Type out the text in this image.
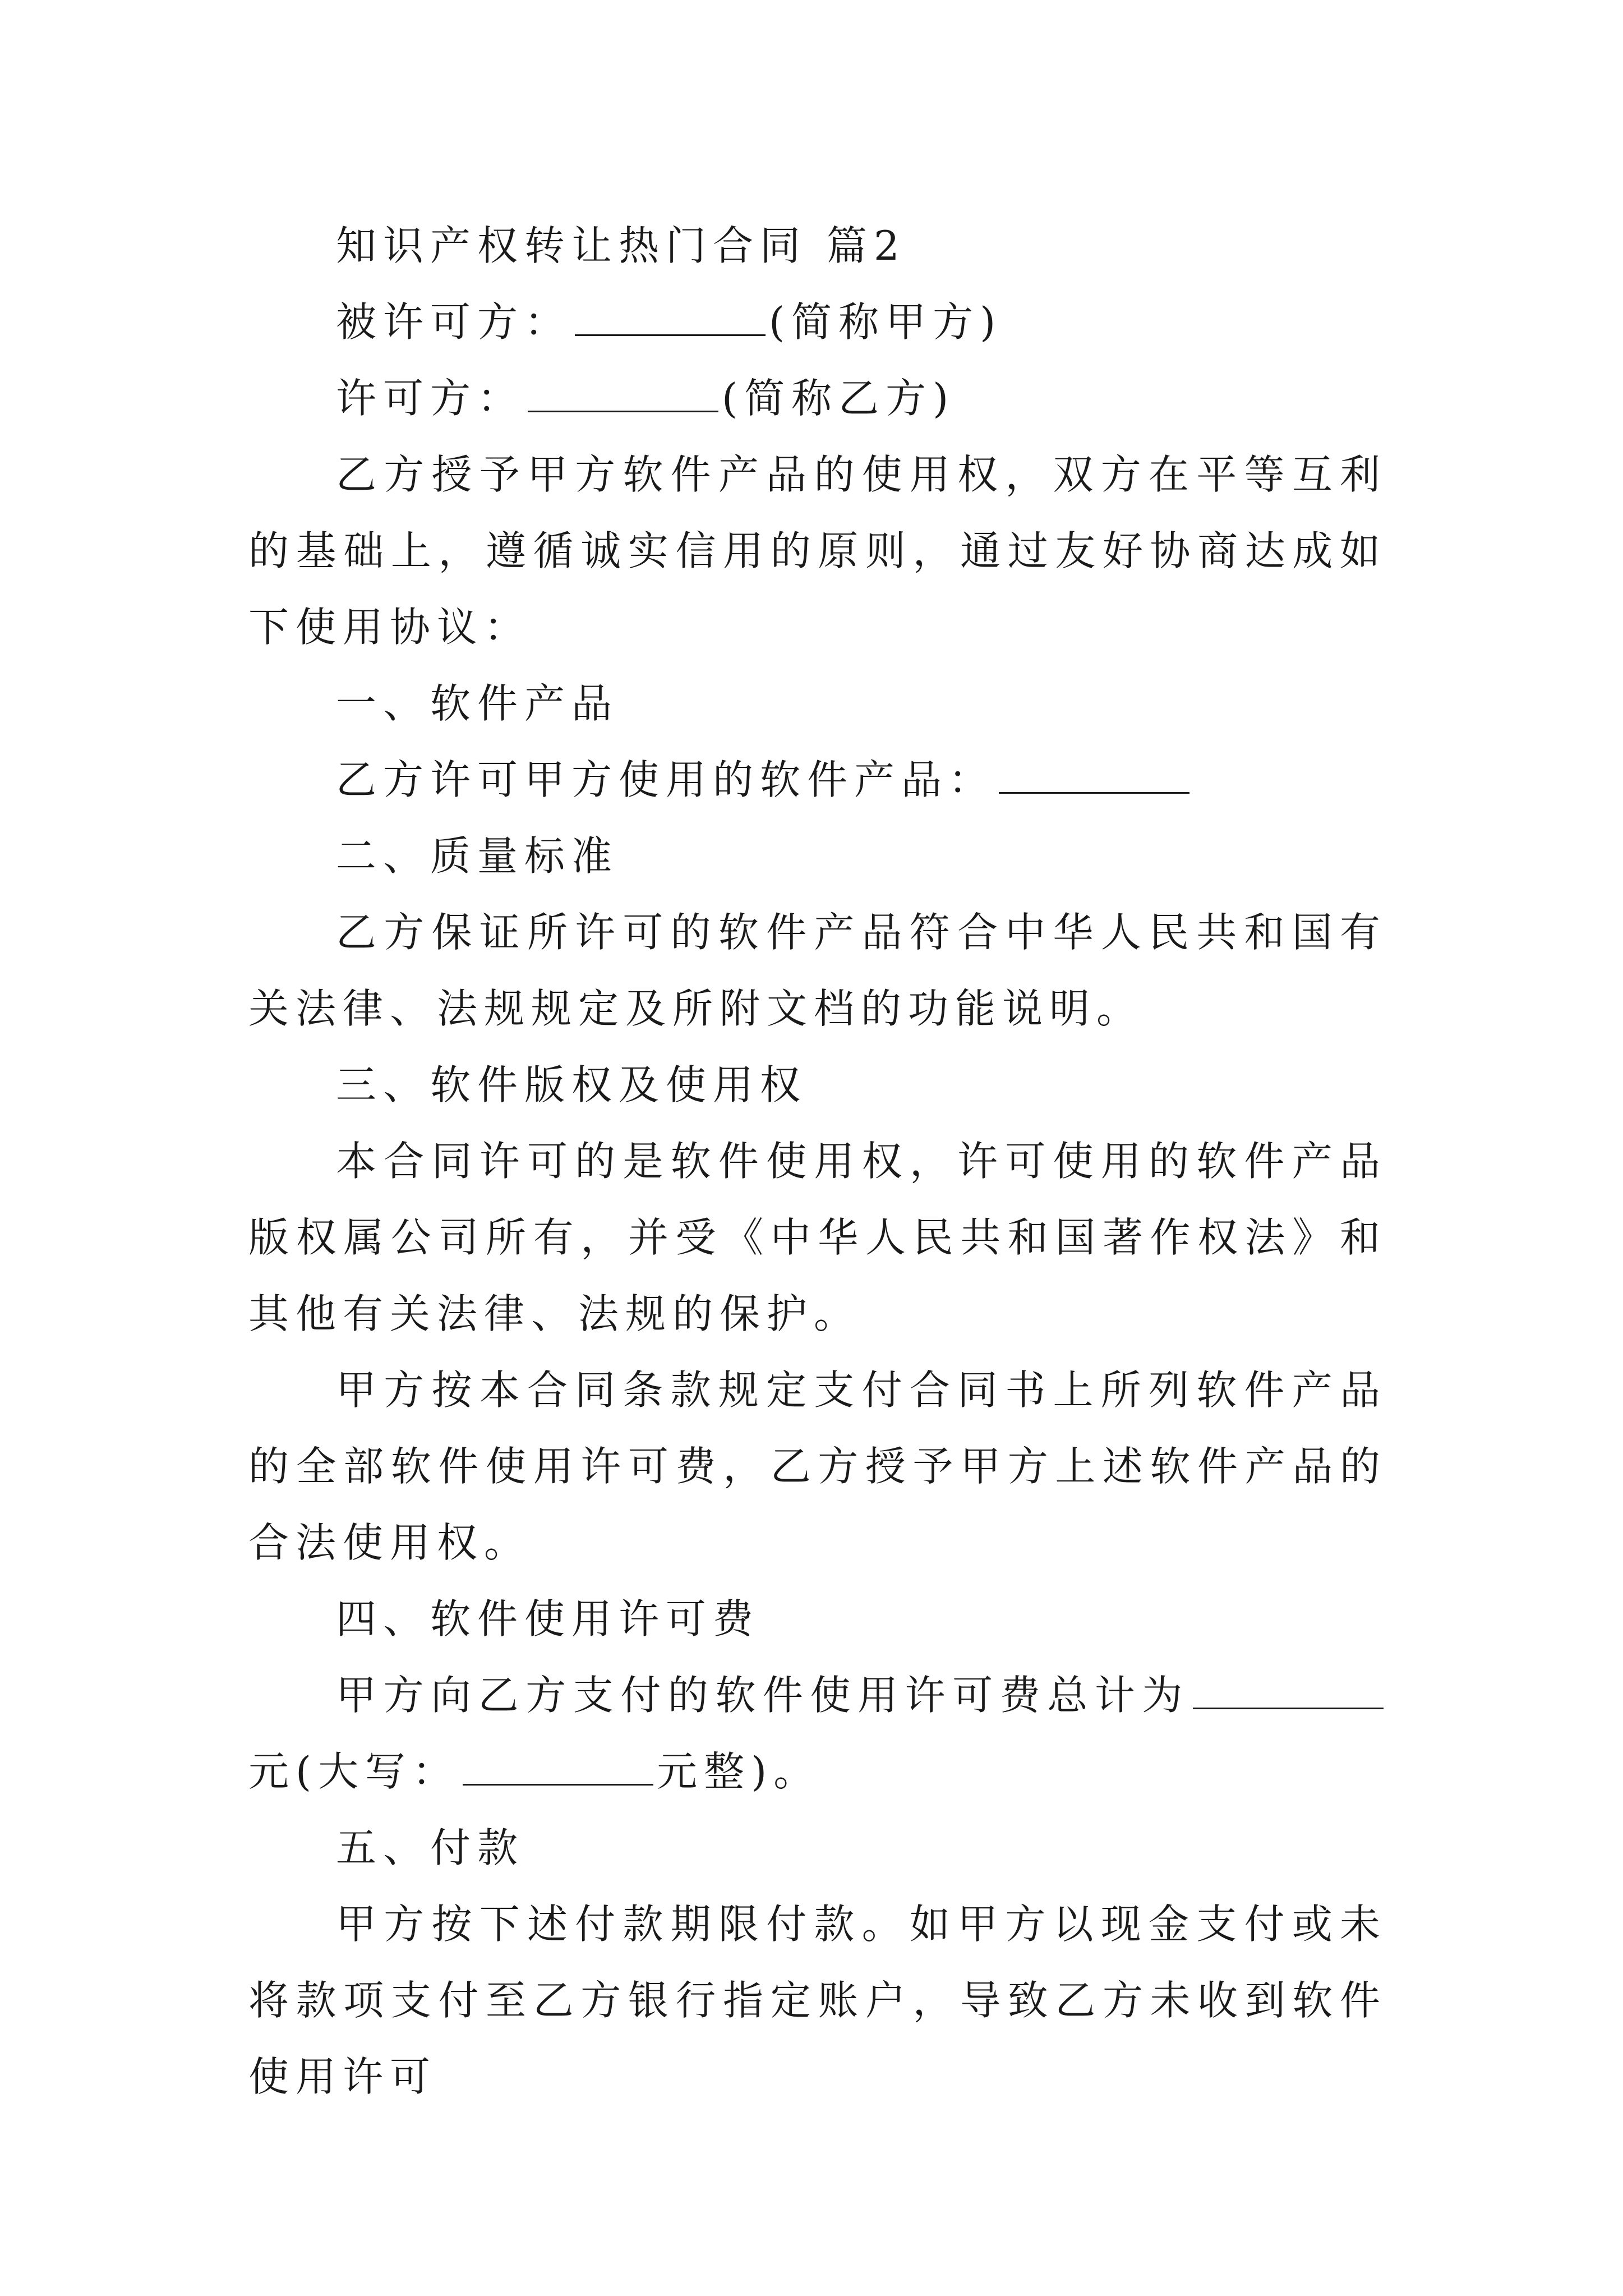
知识产权转让热门合同 篇2

被许可方：	(简称甲方)

许可方：	(简称乙方)

乙方授予甲方软件产品的使用权，双方在平等互利的基础上，遵循诚实信用的原则，通过友好协商达成如下使用协议：

一、软件产品

乙方许可甲方使用的软件产品：

二、质量标准

乙方保证所许可的软件产品符合中华人民共和国有关法律、法规规定及所附文档的功能说明。

三、软件版权及使用权

本合同许可的是软件使用权，许可使用的软件产品版权属公司所有，并受《中华人民共和国著作权法》和其他有关法律、法规的保护。

甲方按本合同条款规定支付合同书上所列软件产品的全部软件使用许可费，乙方授予甲方上述软件产品的合法使用权。

四、软件使用许可费

甲方向乙方支付的软件使用许可费总计为元(大写：	元整)。

五、付款

甲方按下述付款期限付款。如甲方以现金支付或未将款项支付至乙方银行指定账户，导致乙方未收到软件使用许可
